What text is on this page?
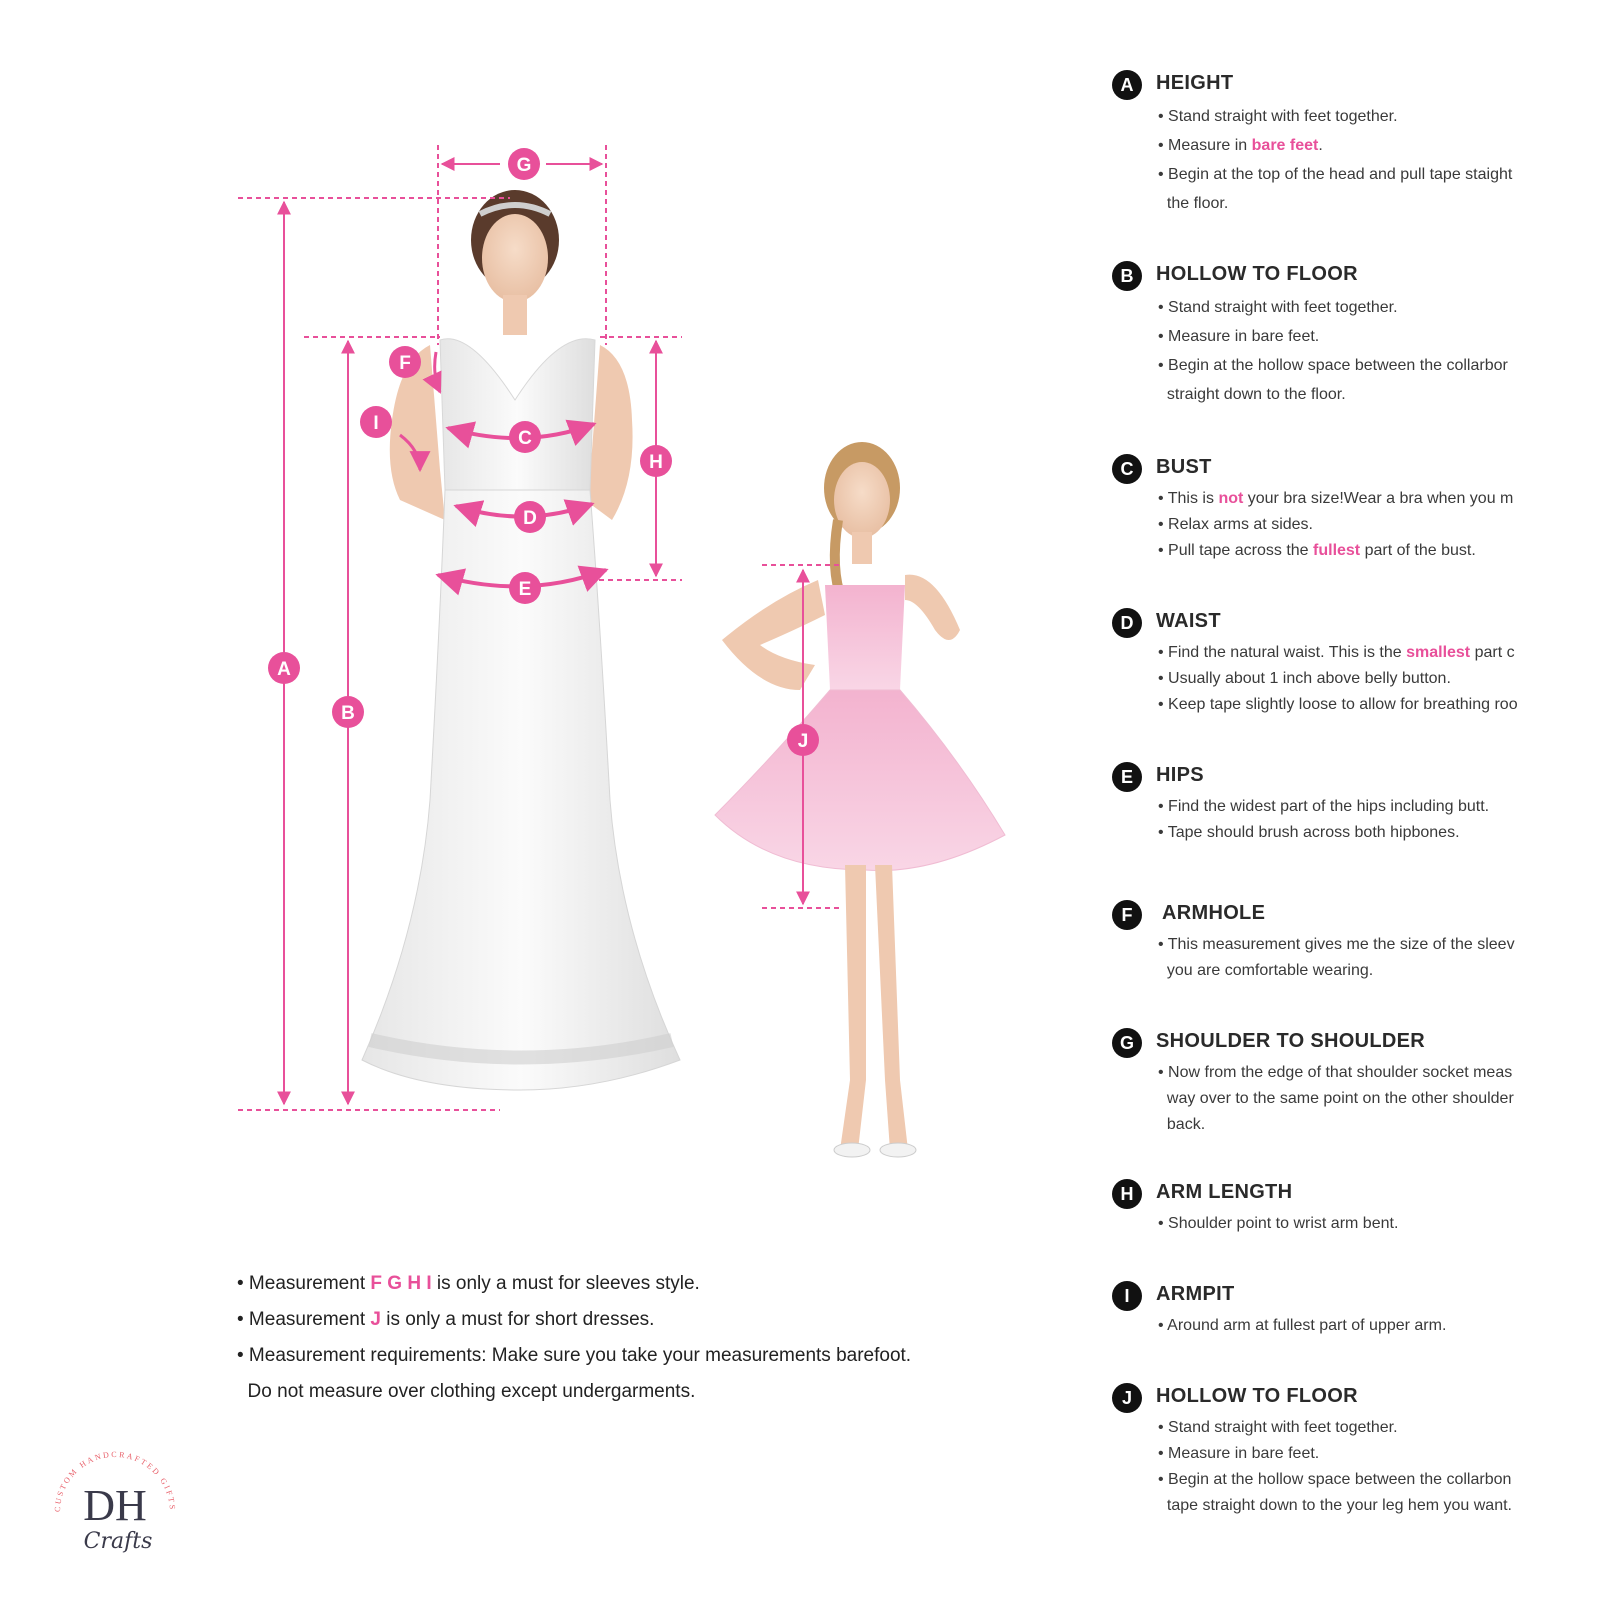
A
B
C
D
E
F
G
H
I
J
A	HEIGHT
• Stand straight with feet together.
• Measure in bare feet.
• Begin at the top of the head and pull tape staight
the floor.
B	HOLLOW TO FLOOR
• Stand straight with feet together.
• Measure in bare feet.
• Begin at the hollow space between the collarbor
straight down to the floor.
C	BUST
• This is not your bra size!Wear a bra when you m
• Relax arms at sides.
• Pull tape across the fullest part of the bust.
D	WAIST
• Find the natural waist. This is the smallest part c
• Usually about 1 inch above belly button.
• Keep tape slightly loose to allow for breathing roo
E	HIPS
• Find the widest part of the hips including butt.
• Tape should brush across both hipbones.
F	ARMHOLE
• This measurement gives me the size of the sleev
you are comfortable wearing.
G	SHOULDER TO SHOULDER
• Now from the edge of that shoulder socket meas
way over to the same point on the other shoulder
back.
H	ARM LENGTH
• Shoulder point to wrist arm bent.
I	ARMPIT
• Around arm at fullest part of upper arm.
J	HOLLOW TO FLOOR
• Stand straight with feet together.
• Measure in bare feet.
• Begin at the hollow space between the collarbon
tape straight down to the your leg hem you want.
• Measurement F G H I is only a must for sleeves style.
• Measurement J is only a must for short dresses.
• Measurement requirements: Make sure you take your measurements barefoot.
Do not measure over clothing except undergarments.
CUSTOM HANDCRAFTED GIFTS
DH
Crafts
